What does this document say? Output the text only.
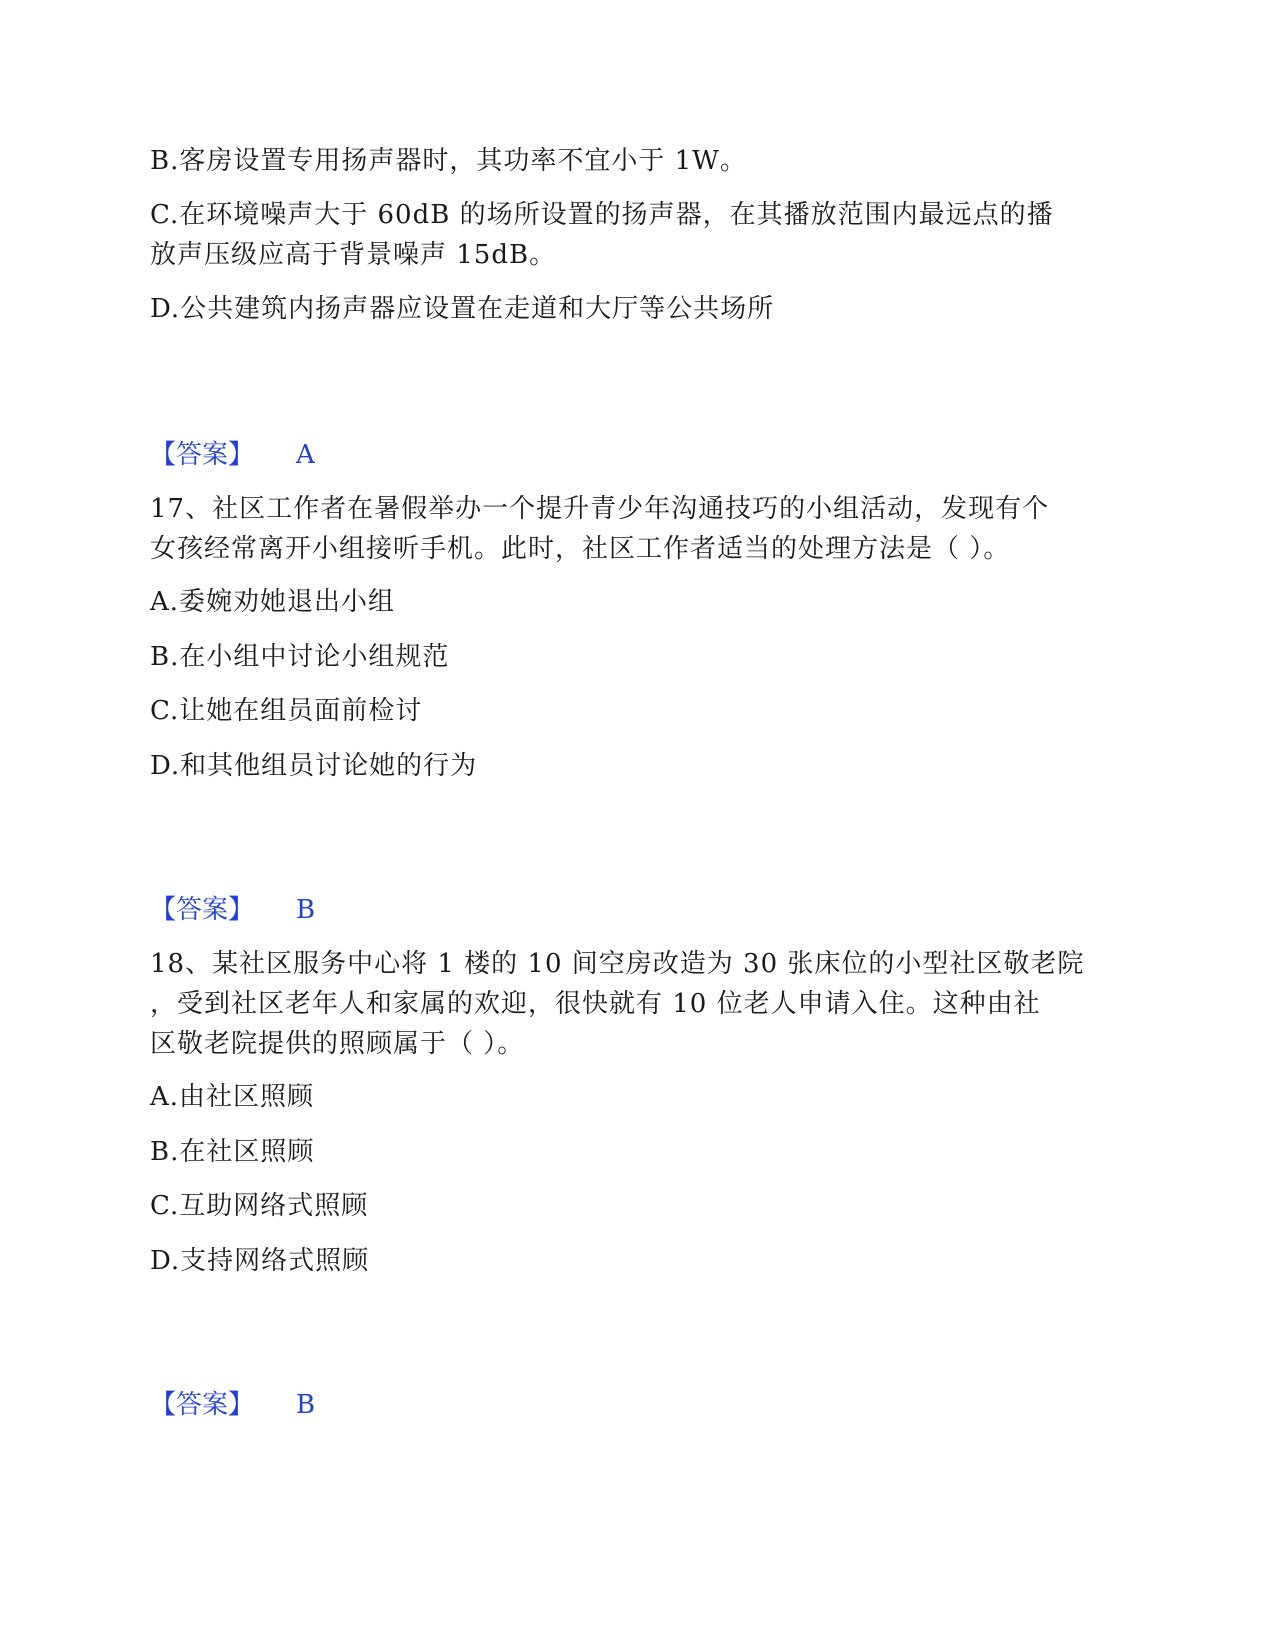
B.客房设置专用扬声器时，其功率不宜小于 1W。
C.在环境噪声大于 60dB 的场所设置的扬声器，在其播放范围内最远点的播
放声压级应高于背景噪声 15dB。
D.公共建筑内扬声器应设置在走道和大厅等公共场所
【答案】 A
17、社区工作者在暑假举办一个提升青少年沟通技巧的小组活动，发现有个
女孩经常离开小组接听手机。此时，社区工作者适当的处理方法是（ ）。
A.委婉劝她退出小组
B.在小组中讨论小组规范
C.让她在组员面前检讨
D.和其他组员讨论她的行为
【答案】 B
18、某社区服务中心将 1 楼的 10 间空房改造为 30 张床位的小型社区敬老院
，受到社区老年人和家属的欢迎，很快就有 10 位老人申请入住。这种由社
区敬老院提供的照顾属于（ ）。
A.由社区照顾
B.在社区照顾
C.互助网络式照顾
D.支持网络式照顾
【答案】 B
